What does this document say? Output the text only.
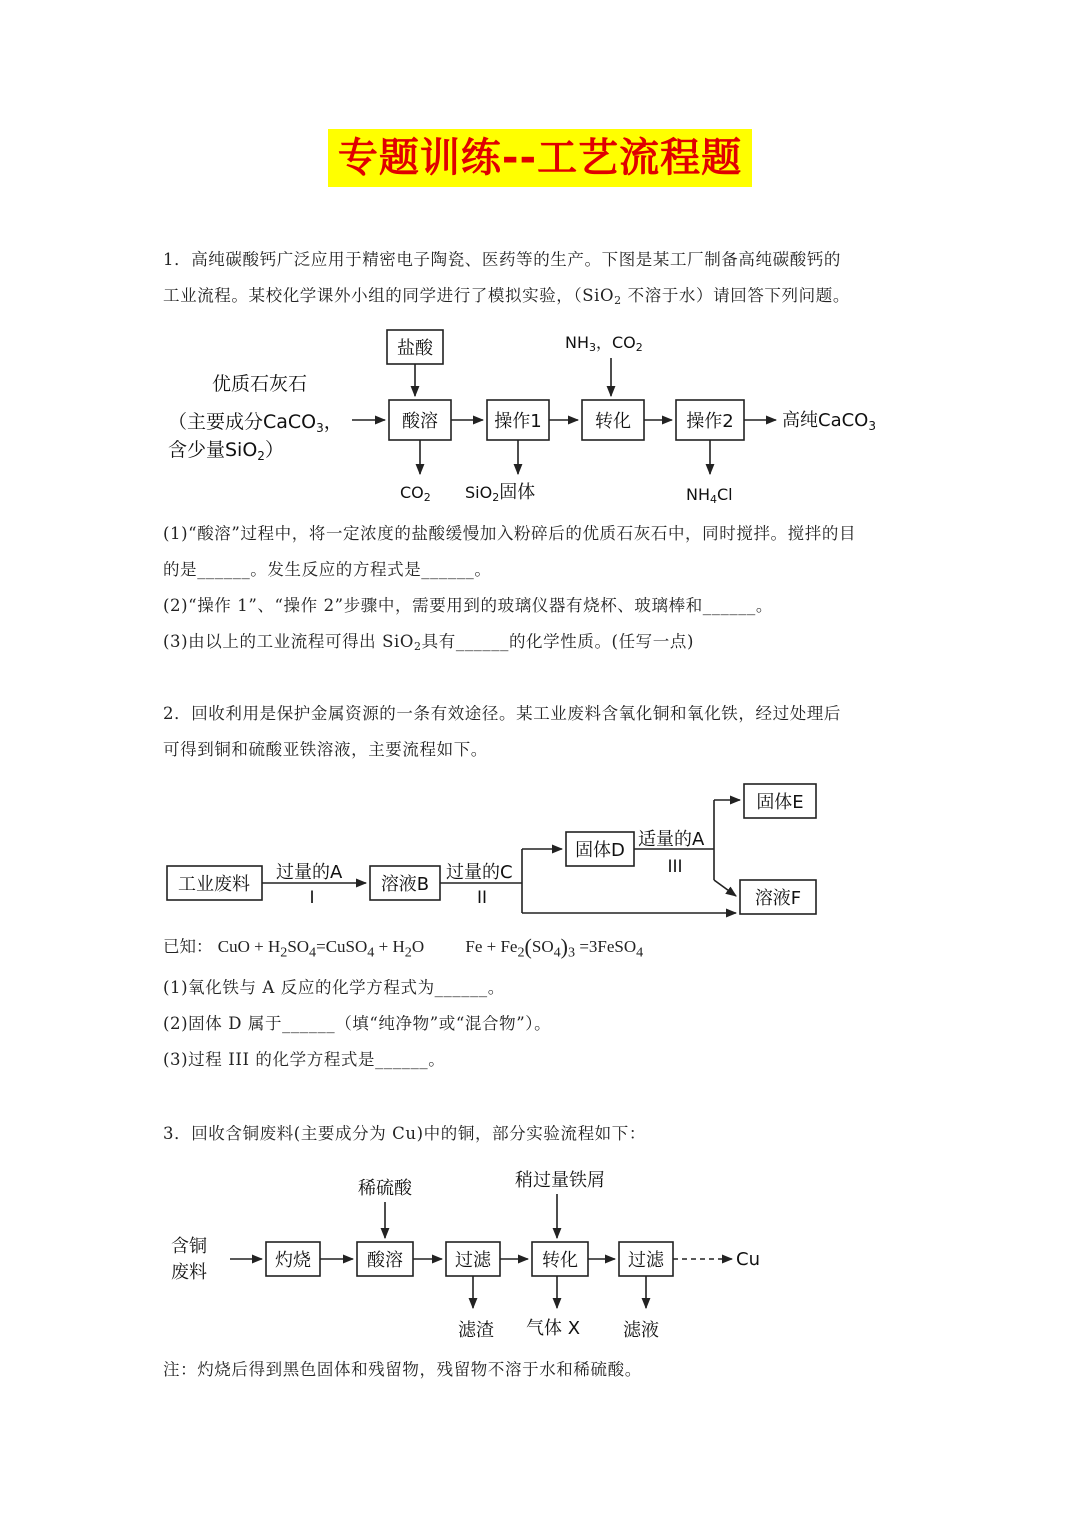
专题训练--工艺流程题
1．高纯碳酸钙广泛应用于精密电子陶瓷、医药等的生产。下图是某工厂制备高纯碳酸钙的
工业流程。某校化学课外小组的同学进行了模拟实验，（SiO$_2$ 不溶于水）请回答下列问题。
优质石灰石
（主要成分CaCO$_3$，
含少量SiO$_2$）
盐酸	NH3，CO2
酸溶	操作1	转化	操作2	高纯CaCO$_3$
CO2 SiO2固体	NH4Cl
工业废料
过量的A
I
溶液B
过量的C
II
固体D
适量的A
III
固体E
溶液F
稀硫酸	稍过量铁屑
含铜
废料
灼烧	酸溶	过滤	转化	过滤	Cu
滤渣 气体 X 滤液
(1)“酸溶”过程中，将一定浓度的盐酸缓慢加入粉碎后的优质石灰石中，同时搅拌。搅拌的目
的是______。发生反应的方程式是______。
(2)“操作 1”、“操作 2”步骤中，需要用到的玻璃仪器有烧杯、玻璃棒和______。
(3)由以上的工业流程可得出 SiO$_2$具有______的化学性质。(任写一点)
2．回收利用是保护金属资源的一条有效途径。某工业废料含氧化铜和氧化铁，经过处理后
可得到铜和硫酸亚铁溶液，主要流程如下。
已知： CuO + $H_2SO_4=CuSO_4 + H_2O$ $Fe + Fe_2(SO_4)_3$ =3FeSO$_4$
(1)氧化铁与 A 反应的化学方程式为______。
(2)固体 D 属于______（填“纯净物”或“混合物”）。
(3)过程 III 的化学方程式是______。
3．回收含铜废料(主要成分为 Cu)中的铜，部分实验流程如下：
注：灼烧后得到黑色固体和残留物，残留物不溶于水和稀硫酸。
